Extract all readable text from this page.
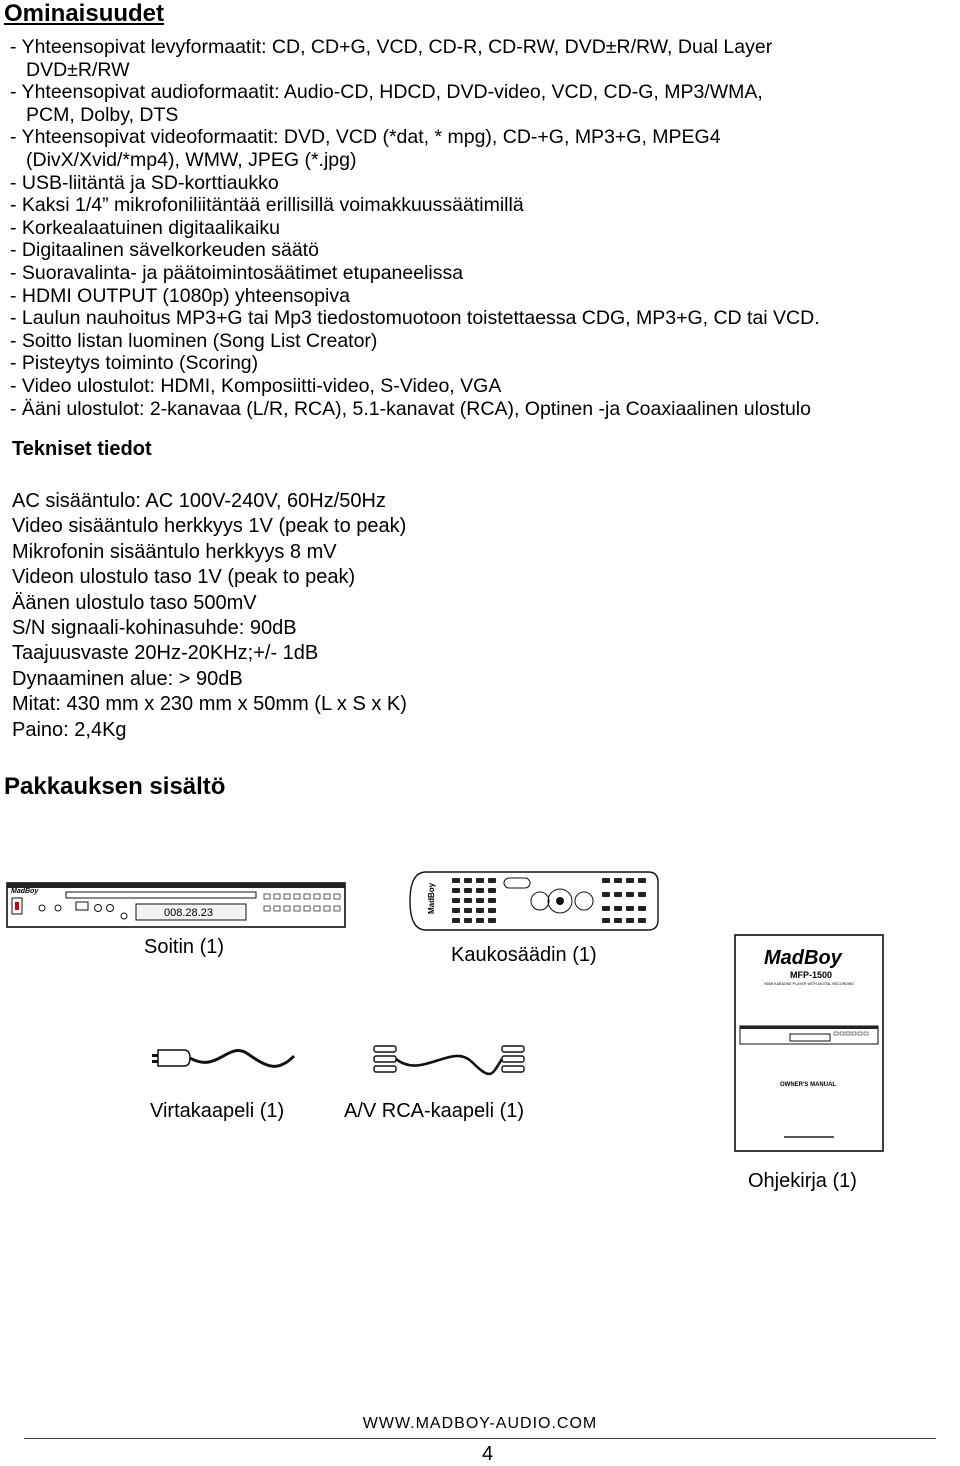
Ominaisuudet
- Yhteensopivat levyformaatit: CD, CD+G, VCD, CD-R, CD-RW, DVD±R/RW, Dual Layer
DVD±R/RW
- Yhteensopivat audioformaatit: Audio-CD, HDCD, DVD-video, VCD, CD-G, MP3/WMA,
PCM, Dolby, DTS
- Yhteensopivat videoformaatit: DVD, VCD (*dat, * mpg), CD-+G, MP3+G, MPEG4
(DivX/Xvid/*mp4), WMW, JPEG (*.jpg)
- USB-liitäntä ja SD-korttiaukko
- Kaksi 1/4” mikrofoniliitäntää erillisillä voimakkuussäätimillä
- Korkealaatuinen digitaalikaiku
- Digitaalinen sävelkorkeuden säätö
- Suoravalinta- ja päätoimintosäätimet etupaneelissa
- HDMI OUTPUT (1080p) yhteensopiva
- Laulun nauhoitus MP3+G tai Mp3 tiedostomuotoon toistettaessa CDG, MP3+G, CD tai VCD.
- Soitto listan luominen (Song List Creator)
- Pisteytys toiminto (Scoring)
- Video ulostulot: HDMI, Komposiitti-video, S-Video, VGA
- Ääni ulostulot: 2-kanavaa (L/R, RCA), 5.1-kanavat (RCA), Optinen -ja Coaxiaalinen ulostulo
Tekniset tiedot
AC sisääntulo: AC 100V-240V, 60Hz/50Hz
Video sisääntulo herkkyys 1V (peak to peak)
Mikrofonin sisääntulo herkkyys 8 mV
Videon ulostulo taso 1V (peak to peak)
Äänen ulostulo taso 500mV
S/N signaali-kohinasuhde: 90dB
Taajuusvaste 20Hz-20KHz;+/- 1dB
Dynaaminen alue: > 90dB
Mitat: 430 mm x 230 mm x 50mm (L x S x K)
Paino: 2,4Kg
Pakkauksen sisältö
MadBoy
008.28.23
Soitin (1)
MadBoy
Kaukosäädin (1)	MadBoy
MFP-1500
HDMI KARAOKE PLAYER WITH DIGITAL RECORDING
OWNER'S MANUAL
Virtakaapeli (1)	A/V RCA-kaapeli (1)
Ohjekirja (1)
WWW.MADBOY-AUDIO.COM
4
